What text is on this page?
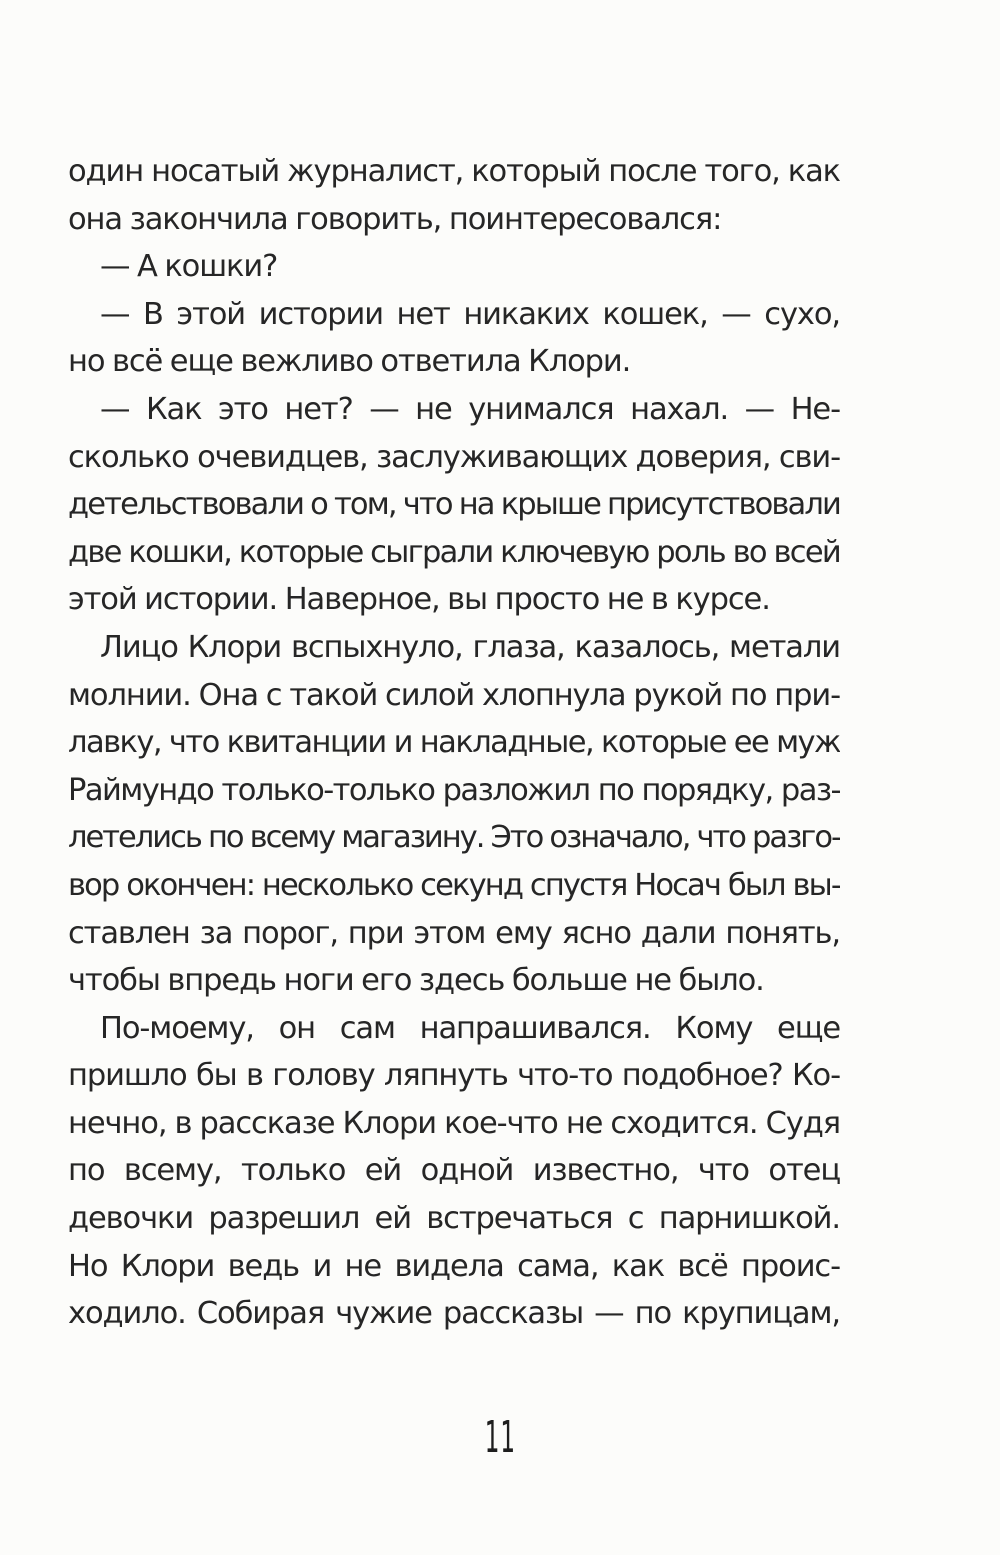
один носатый журналист, который после того, как
она закончила говорить, поинтересовался:
— А кошки?
— В этой истории нет никаких кошек, — сухо,
но всё еще вежливо ответила Клори.
— Как это нет? — не унимался нахал. — Не-
сколько очевидцев, заслуживающих доверия, сви-
детельствовали о том, что на крыше присутствовали
две кошки, которые сыграли ключевую роль во всей
этой истории. Наверное, вы просто не в курсе.
Лицо Клори вспыхнуло, глаза, казалось, метали
молнии. Она с такой силой хлопнула рукой по при-
лавку, что квитанции и накладные, которые ее муж
Раймундо только-только разложил по порядку, раз-
летелись по всему магазину. Это означало, что разго-
вор окончен: несколько секунд спустя Носач был вы-
ставлен за порог, при этом ему ясно дали понять,
чтобы впредь ноги его здесь больше не было.
По-моему, он сам напрашивался. Кому еще
пришло бы в голову ляпнуть что-то подобное? Ко-
нечно, в рассказе Клори кое-что не сходится. Судя
по всему, только ей одной известно, что отец
девочки разрешил ей встречаться с парнишкой.
Но Клори ведь и не видела сама, как всё проис-
ходило. Собирая чужие рассказы — по крупицам,
11
